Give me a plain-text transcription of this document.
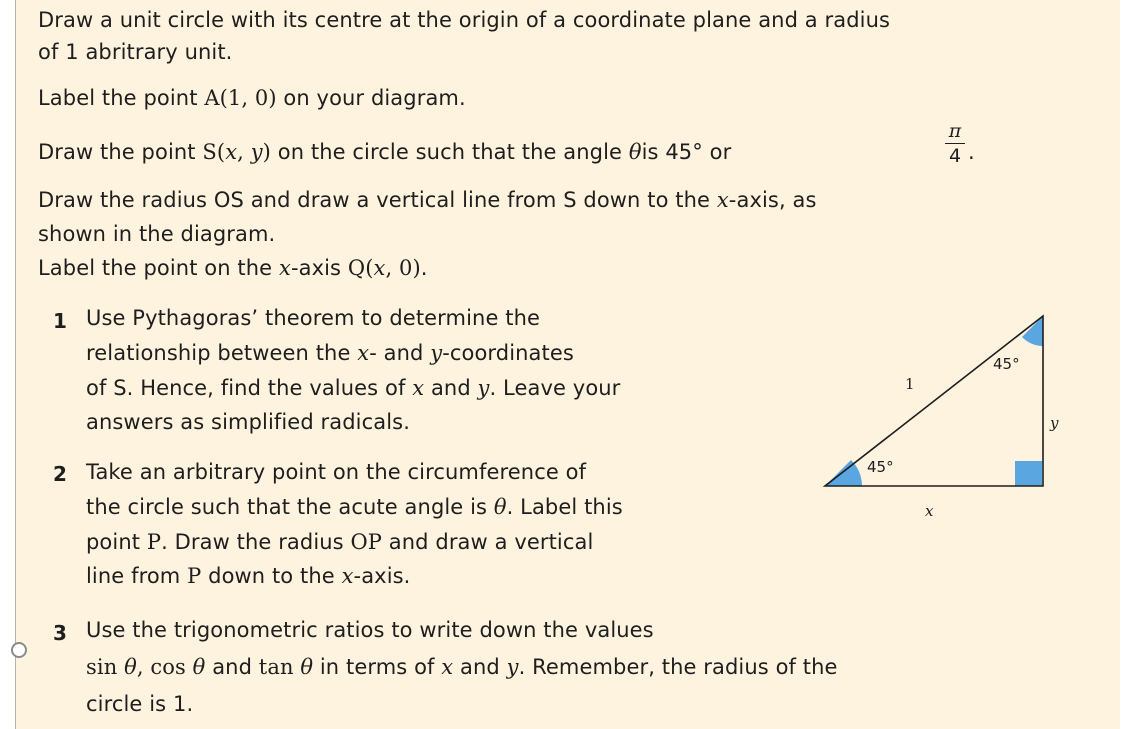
Draw a unit circle with its centre at the origin of a coordinate plane and a radius
of 1 abritrary unit.
Label the point A(1, 0) on your diagram.
Draw the point S(x, y) on the circle such that the angle θis 45° or
π
4 .
Draw the radius OS and draw a vertical line from S down to the x-axis, as
shown in the diagram.
Label the point on the x-axis Q(x, 0).
1 Use Pythagoras’ theorem to determine the
relationship between the x- and y-coordinates
of S. Hence, find the values of x and y. Leave your
answers as simplified radicals.
2 Take an arbitrary point on the circumference of
the circle such that the acute angle is θ. Label this
point P. Draw the radius OP and draw a vertical
line from P down to the x-axis.
3 Use the trigonometric ratios to write down the values
sin θ, cos θ and tan θ in terms of x and y. Remember, the radius of the
circle is 1.
1
45°
45°
x
y
